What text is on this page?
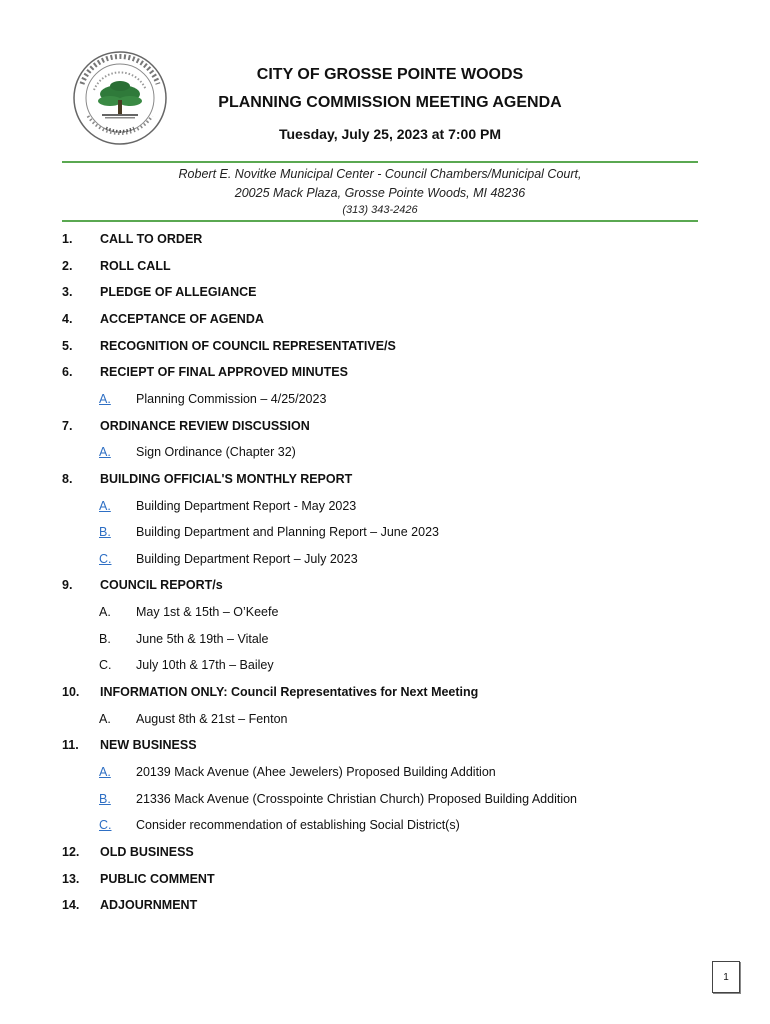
CITY OF GROSSE POINTE WOODS
PLANNING COMMISSION MEETING AGENDA
Tuesday, July 25, 2023 at 7:00 PM
Robert E. Novitke Municipal Center - Council Chambers/Municipal Court,
20025 Mack Plaza, Grosse Pointe Woods, MI 48236
(313) 343-2426
1. CALL TO ORDER
2. ROLL CALL
3. PLEDGE OF ALLEGIANCE
4. ACCEPTANCE OF AGENDA
5. RECOGNITION OF COUNCIL REPRESENTATIVE/S
6. RECIEPT OF FINAL APPROVED MINUTES
A. Planning Commission – 4/25/2023
7. ORDINANCE REVIEW DISCUSSION
A. Sign Ordinance (Chapter 32)
8. BUILDING OFFICIAL'S MONTHLY REPORT
A. Building Department Report - May 2023
B. Building Department and Planning Report – June 2023
C. Building Department Report – July 2023
9. COUNCIL REPORT/s
A. May 1st & 15th – O’Keefe
B. June 5th & 19th – Vitale
C. July 10th & 17th – Bailey
10. INFORMATION ONLY: Council Representatives for Next Meeting
A. August 8th & 21st – Fenton
11. NEW BUSINESS
A. 20139 Mack Avenue (Ahee Jewelers) Proposed Building Addition
B. 21336 Mack Avenue (Crosspointe Christian Church) Proposed Building Addition
C. Consider recommendation of establishing Social District(s)
12. OLD BUSINESS
13. PUBLIC COMMENT
14. ADJOURNMENT
1
